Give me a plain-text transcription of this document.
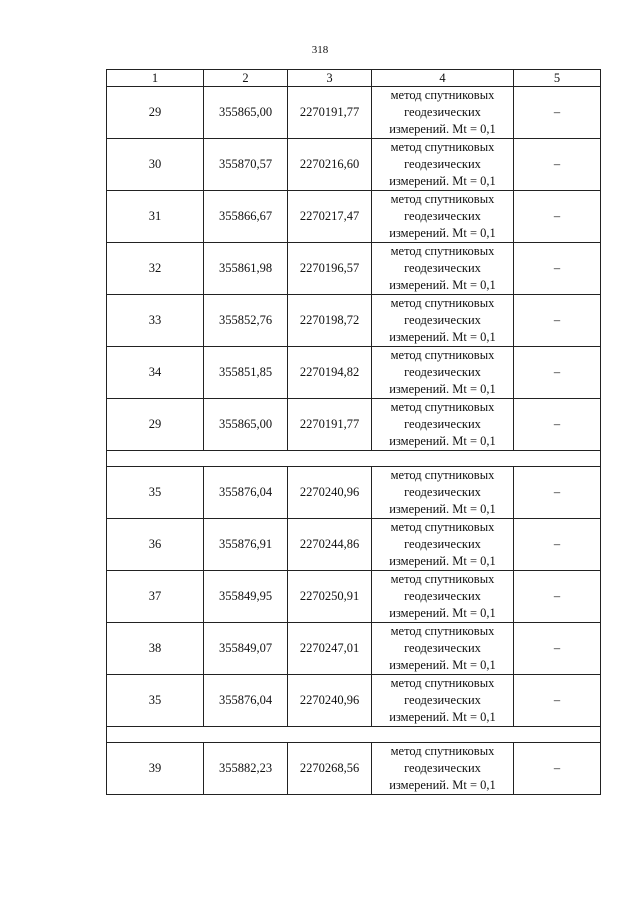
318
1	2	3	4	5
29	355865,00	2270191,77	метод спутниковых
геодезических
измерений. Mt = 0,1	–
30	355870,57	2270216,60	метод спутниковых
геодезических
измерений. Mt = 0,1	–
31	355866,67	2270217,47	метод спутниковых
геодезических
измерений. Mt = 0,1	–
32	355861,98	2270196,57	метод спутниковых
геодезических
измерений. Mt = 0,1	–
33	355852,76	2270198,72	метод спутниковых
геодезических
измерений. Mt = 0,1	–
34	355851,85	2270194,82	метод спутниковых
геодезических
измерений. Mt = 0,1	–
29	355865,00	2270191,77	метод спутниковых
геодезических
измерений. Mt = 0,1	–

35	355876,04	2270240,96	метод спутниковых
геодезических
измерений. Mt = 0,1	–
36	355876,91	2270244,86	метод спутниковых
геодезических
измерений. Mt = 0,1	–
37	355849,95	2270250,91	метод спутниковых
геодезических
измерений. Mt = 0,1	–
38	355849,07	2270247,01	метод спутниковых
геодезических
измерений. Mt = 0,1	–
35	355876,04	2270240,96	метод спутниковых
геодезических
измерений. Mt = 0,1	–

39	355882,23	2270268,56	метод спутниковых
геодезических
измерений. Mt = 0,1	–
